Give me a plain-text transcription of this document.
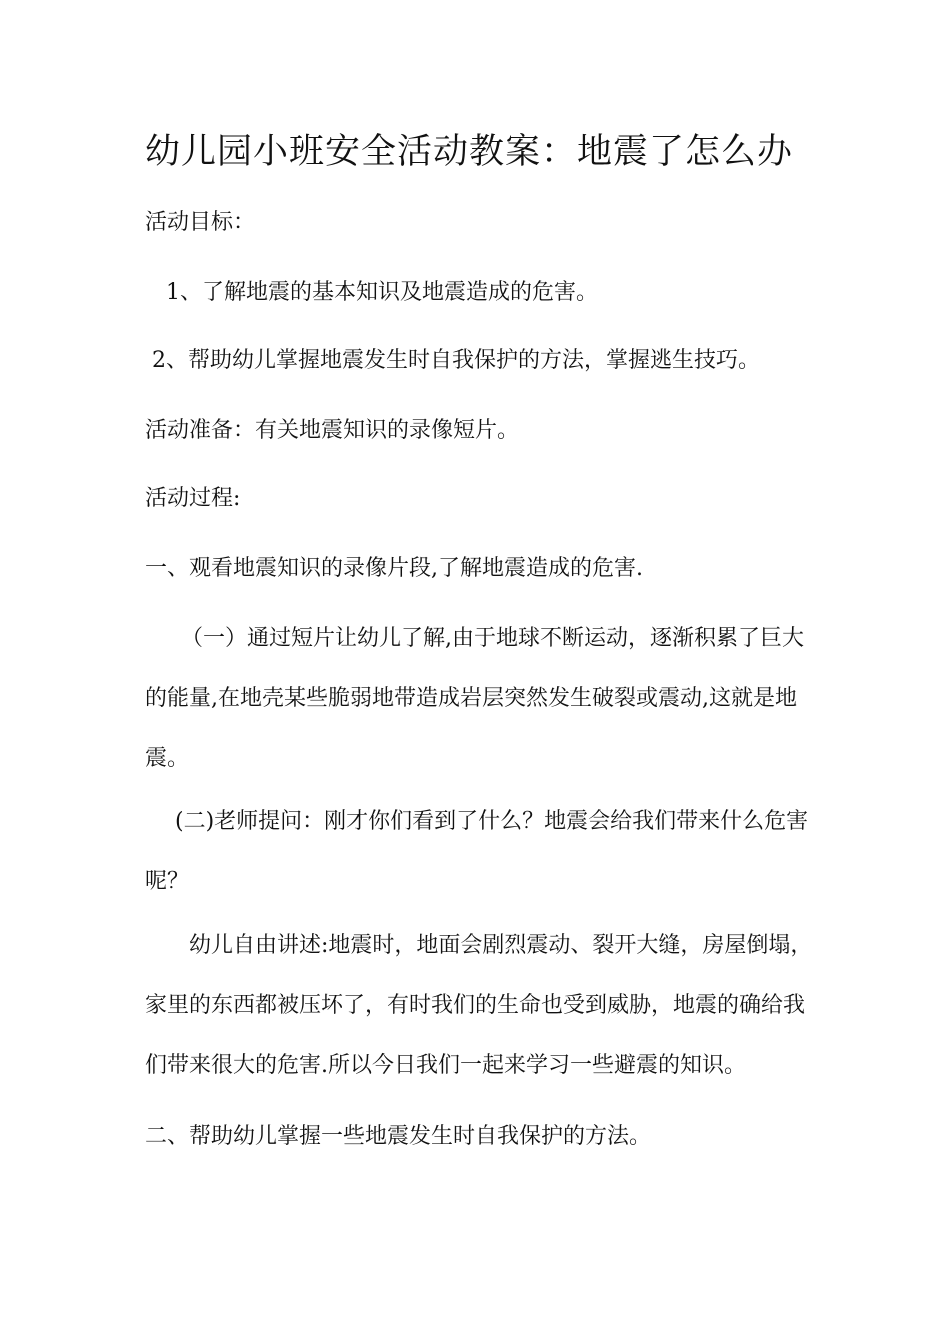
幼儿园小班安全活动教案：地震了怎么办
活动目标：
1、了解地震的基本知识及地震造成的危害。
2、帮助幼儿掌握地震发生时自我保护的方法，掌握逃生技巧。
活动准备：有关地震知识的录像短片。
活动过程:
一、观看地震知识的录像片段,了解地震造成的危害.
（一）通过短片让幼儿了解,由于地球不断运动，逐渐积累了巨大的能量,在地壳某些脆弱地带造成岩层突然发生破裂或震动,这就是地震。
(二)老师提问：刚才你们看到了什么？地震会给我们带来什么危害呢？
幼儿自由讲述:地震时，地面会剧烈震动、裂开大缝，房屋倒塌，家里的东西都被压坏了，有时我们的生命也受到威胁，地震的确给我们带来很大的危害.所以今日我们一起来学习一些避震的知识。
二、帮助幼儿掌握一些地震发生时自我保护的方法。
